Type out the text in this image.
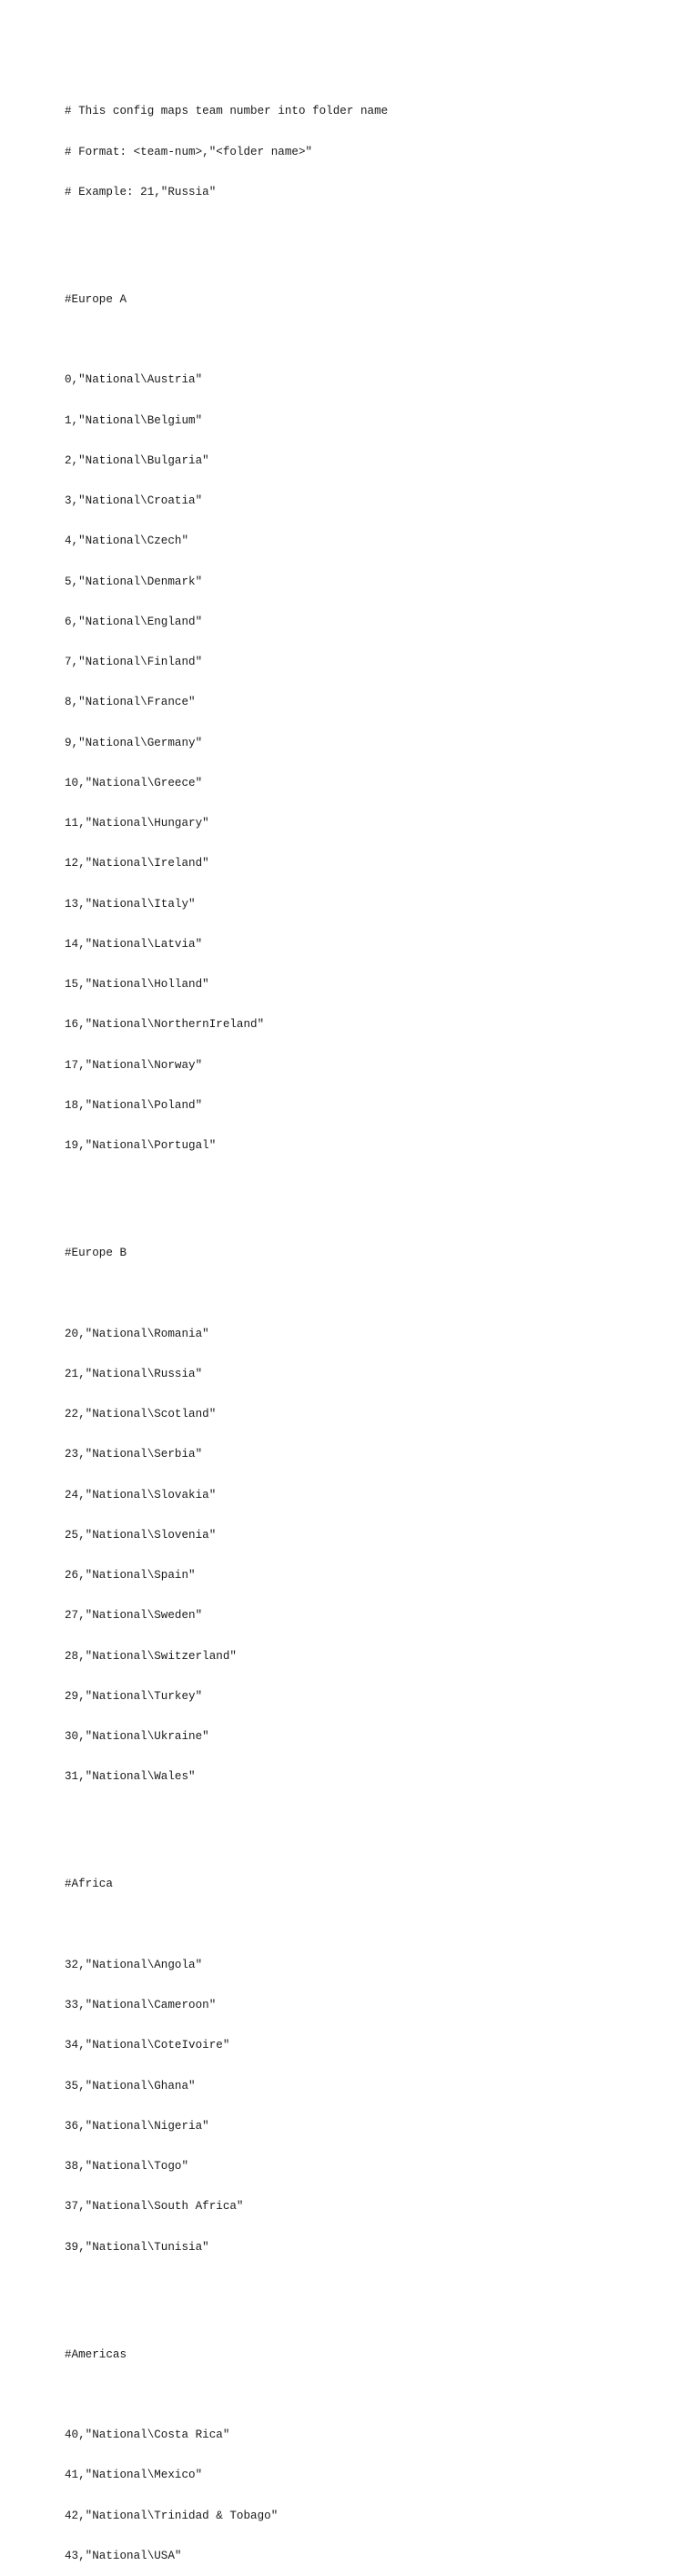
# This config maps team number into folder name

# Format: <team-num>,"<folder name>"

# Example: 21,"Russia"

#Europe A

0,"National\Austria"

1,"National\Belgium"

2,"National\Bulgaria"

3,"National\Croatia"

4,"National\Czech"

5,"National\Denmark"

6,"National\England"

7,"National\Finland"

8,"National\France"

9,"National\Germany"

10,"National\Greece"

11,"National\Hungary"

12,"National\Ireland"

13,"National\Italy"

14,"National\Latvia"

15,"National\Holland"

16,"National\NorthernIreland"

17,"National\Norway"

18,"National\Poland"

19,"National\Portugal"

#Europe B

20,"National\Romania"

21,"National\Russia"

22,"National\Scotland"

23,"National\Serbia"

24,"National\Slovakia"

25,"National\Slovenia"

26,"National\Spain"

27,"National\Sweden"

28,"National\Switzerland"

29,"National\Turkey"

30,"National\Ukraine"

31,"National\Wales"

#Africa

32,"National\Angola"

33,"National\Cameroon"

34,"National\CoteIvoire"

35,"National\Ghana"

36,"National\Nigeria"

38,"National\Togo"

37,"National\South Africa"

39,"National\Tunisia"

#Americas

40,"National\Costa Rica"

41,"National\Mexico"

42,"National\Trinidad & Tobago"

43,"National\USA"
